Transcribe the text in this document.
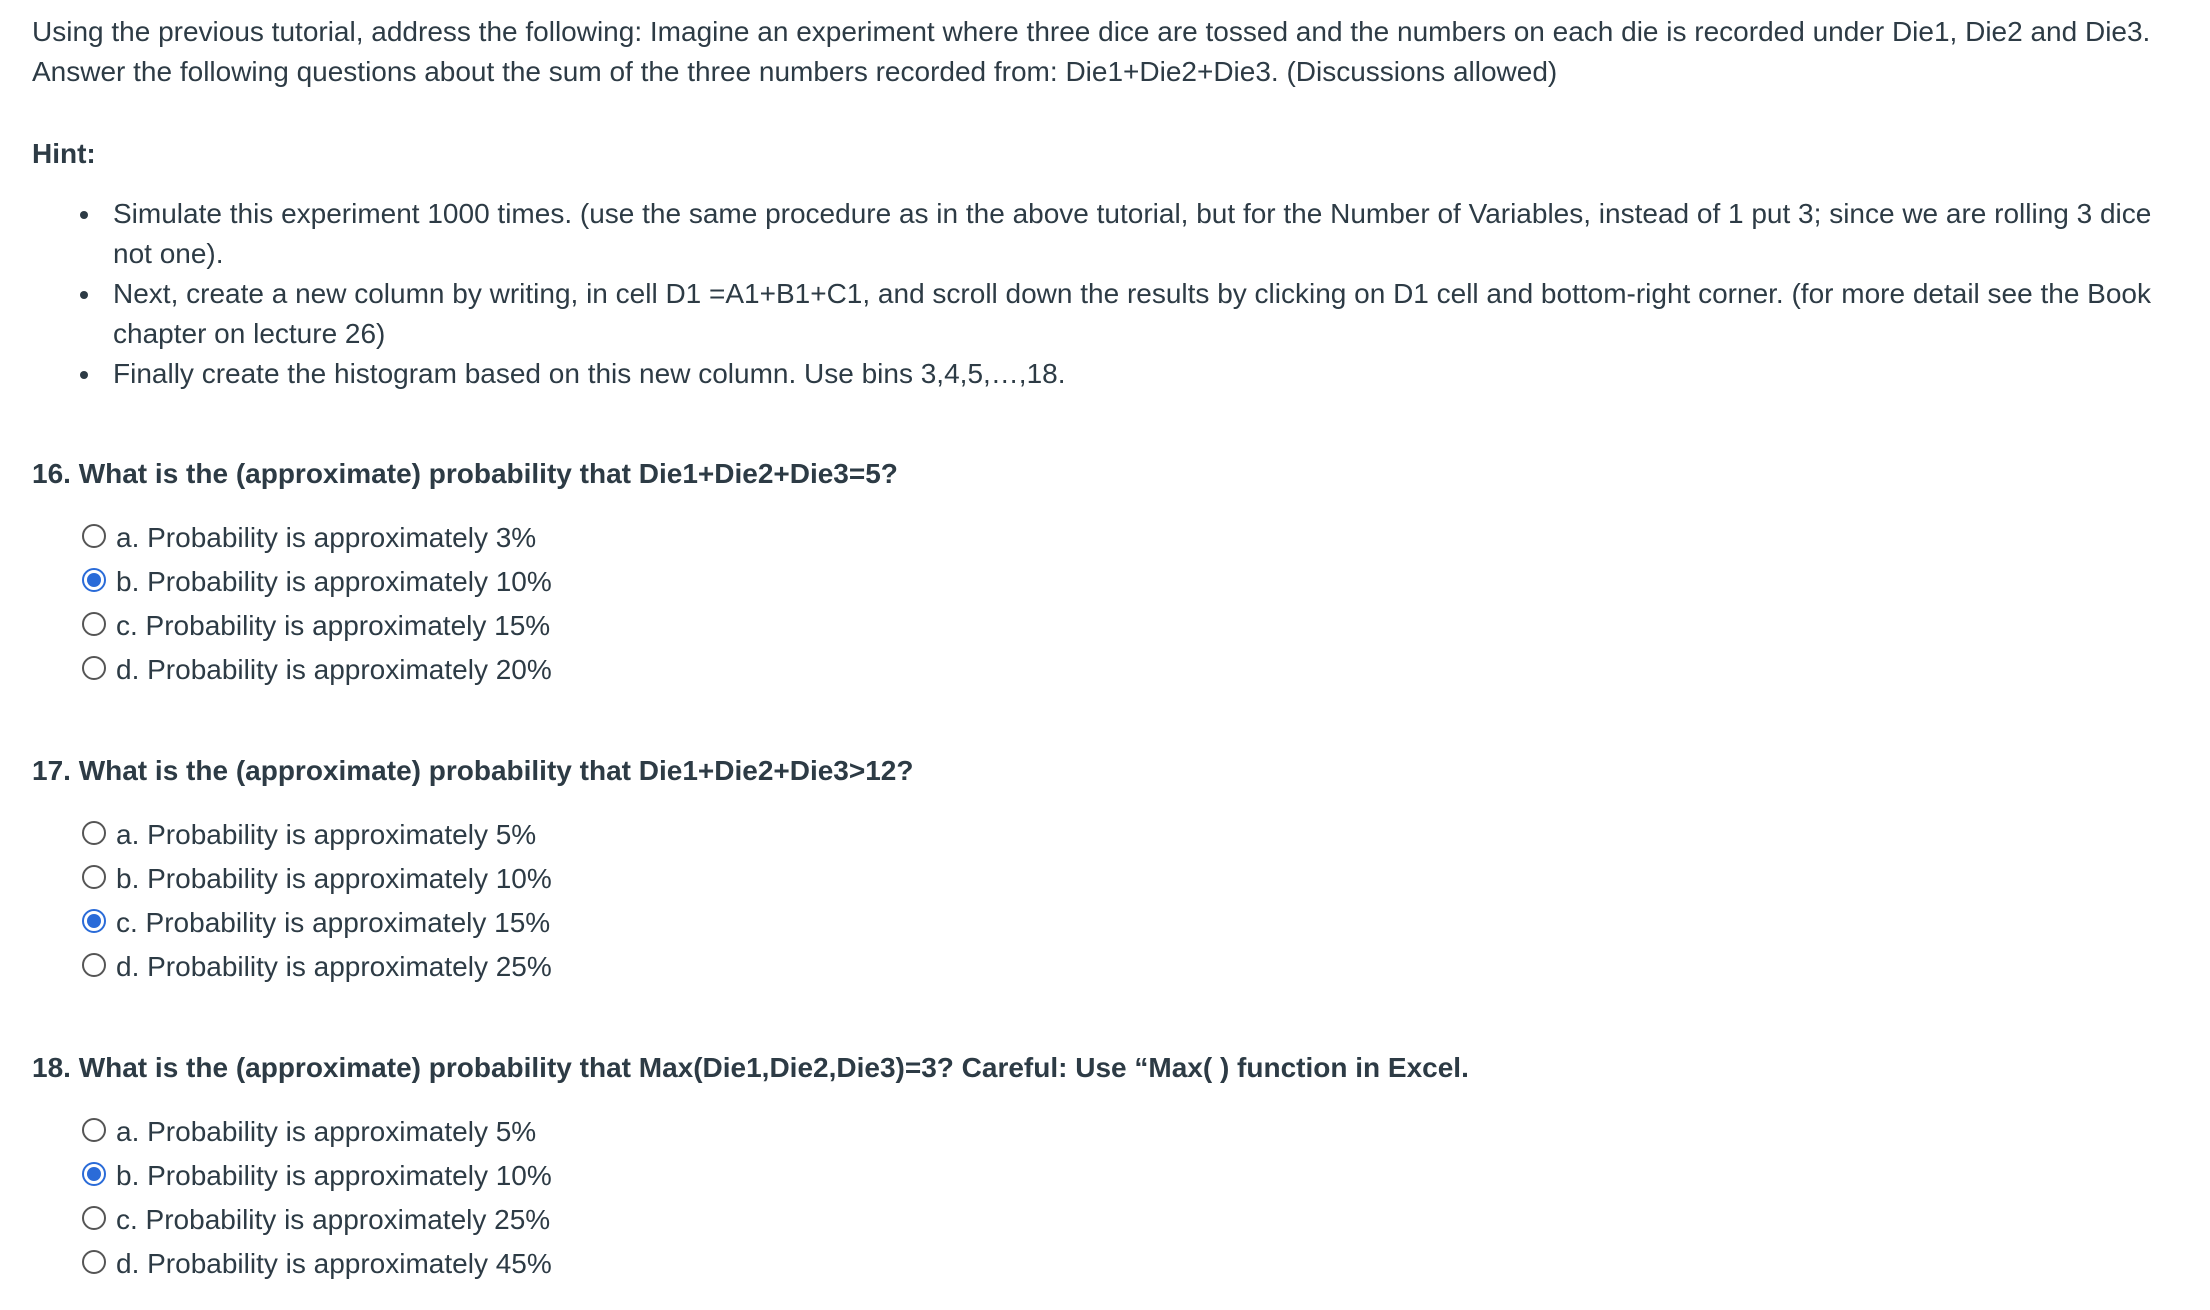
Using the previous tutorial, address the following: Imagine an experiment where three dice are tossed and the numbers on each die is recorded under Die1, Die2 and Die3. Answer the following questions about the sum of the three numbers recorded from: Die1+Die2+Die3. (Discussions allowed)

Hint:

Simulate this experiment 1000 times. (use the same procedure as in the above tutorial, but for the Number of Variables, instead of 1 put 3; since we are rolling 3 dice not one).
Next, create a new column by writing, in cell D1 =A1+B1+C1, and scroll down the results by clicking on D1 cell and bottom-right corner. (for more detail see the Book chapter on lecture 26)
Finally create the histogram based on this new column. Use bins 3,4,5,…,18.

16. What is the (approximate) probability that Die1+Die2+Die3=5?

a. Probability is approximately 3%
b. Probability is approximately 10%
c. Probability is approximately 15%
d. Probability is approximately 20%

17. What is the (approximate) probability that Die1+Die2+Die3>12?

a. Probability is approximately 5%
b. Probability is approximately 10%
c. Probability is approximately 15%
d. Probability is approximately 25%

18. What is the (approximate) probability that Max(Die1,Die2,Die3)=3? Careful: Use “Max( ) function in Excel.

a. Probability is approximately 5%
b. Probability is approximately 10%
c. Probability is approximately 25%
d. Probability is approximately 45%
